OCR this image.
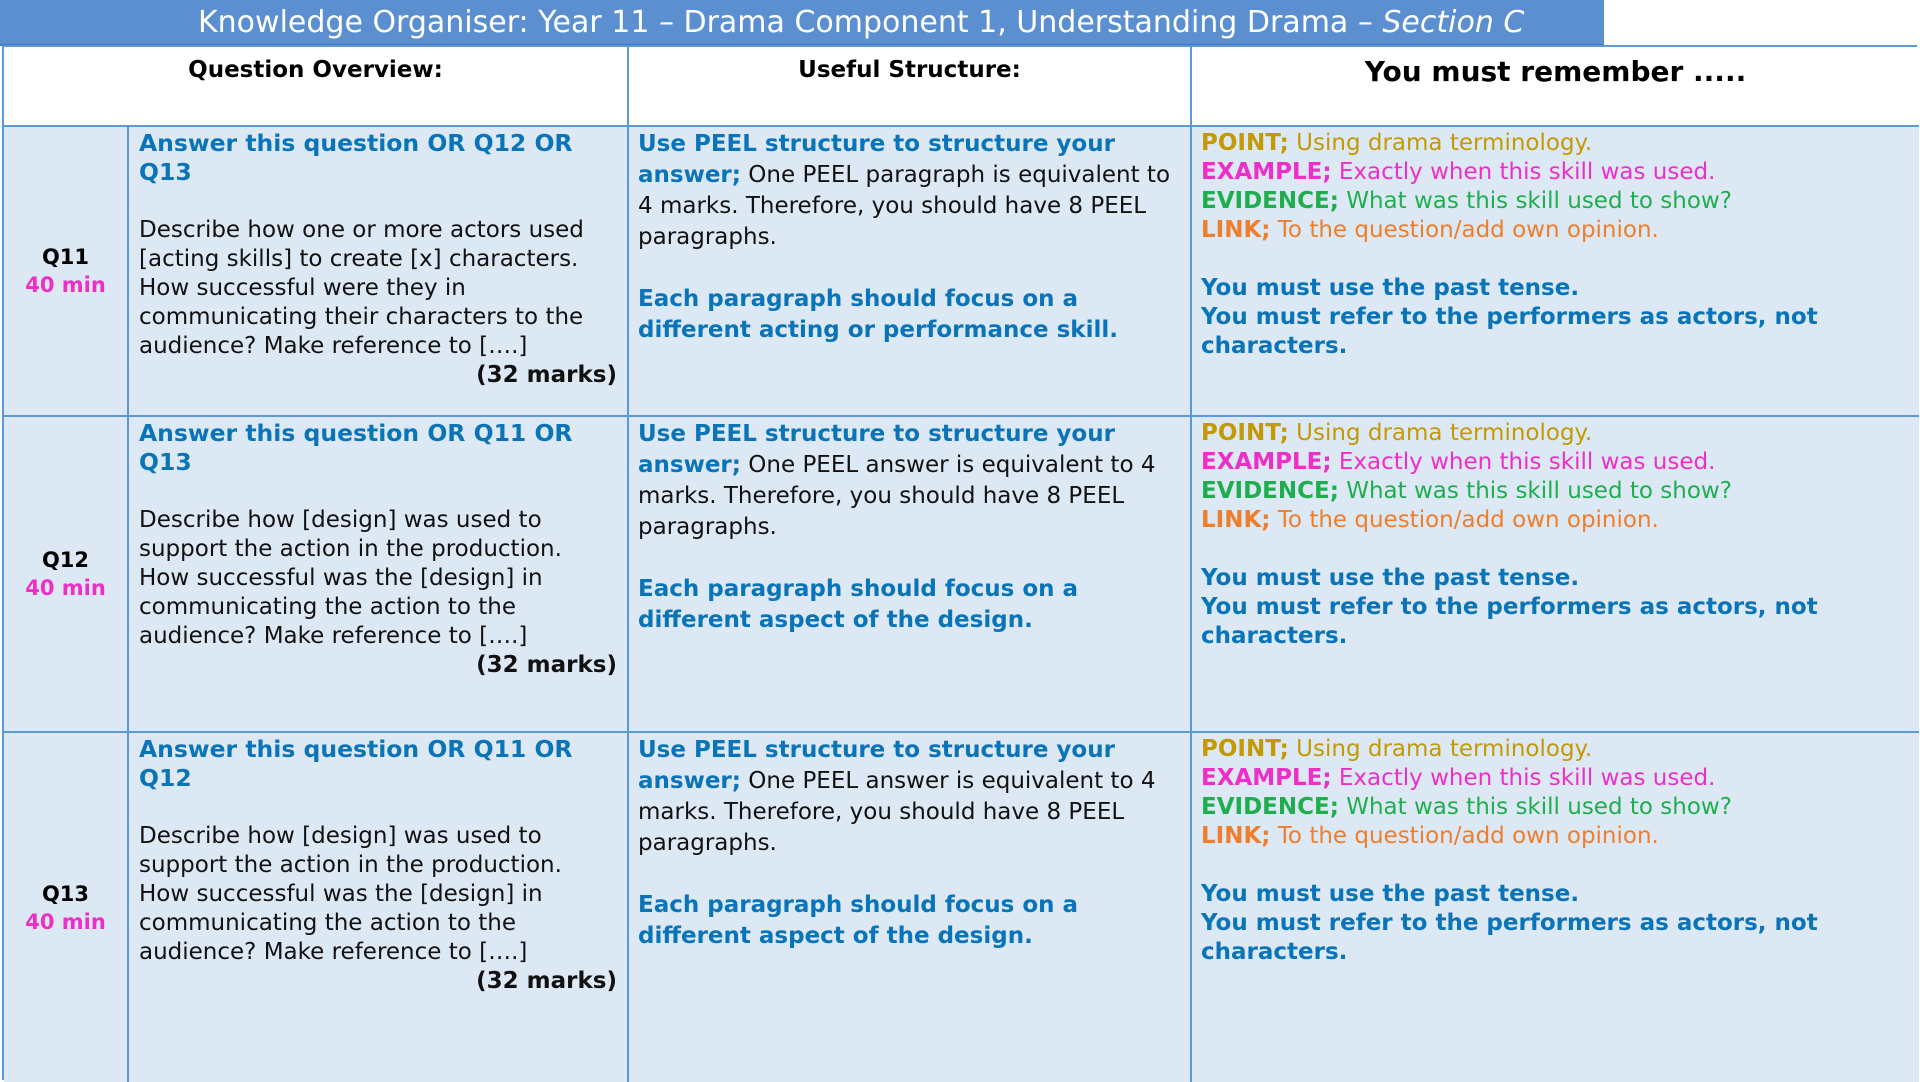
Knowledge Organiser: Year 11 – Drama Component 1, Understanding Drama – Section C
Question Overview:	Useful Structure:	You must remember .....
Q11
40 min
Answer this question OR Q12 OR Q13
Describe how one or more actors used [acting skills] to create [x] characters. How successful were they in communicating their characters to the audience? Make reference to [….]
(32 marks)

Use PEEL structure to structure your answer; One PEEL paragraph is equivalent to 4 marks. Therefore, you should have 8 PEEL paragraphs.

Each paragraph should focus on a different acting or performance skill.

POINT; Using drama terminology.

EXAMPLE; Exactly when this skill was used.

EVIDENCE; What was this skill used to show?

LINK; To the question/add own opinion.

You must use the past tense.

You must refer to the performers as actors, not characters.

Q12
40 min
Answer this question OR Q11 OR Q13
Describe how [design] was used to support the action in the production. How successful was the [design] in communicating the action to the audience? Make reference to [….]
(32 marks)

Use PEEL structure to structure your answer; One PEEL answer is equivalent to 4 marks. Therefore, you should have 8 PEEL paragraphs.

Each paragraph should focus on a different aspect of the design.

POINT; Using drama terminology.

EXAMPLE; Exactly when this skill was used.

EVIDENCE; What was this skill used to show?

LINK; To the question/add own opinion.

You must use the past tense.

You must refer to the performers as actors, not characters.

Q13
40 min
Answer this question OR Q11 OR Q12
Describe how [design] was used to support the action in the production. How successful was the [design] in communicating the action to the audience? Make reference to [….]
(32 marks)

Use PEEL structure to structure your answer; One PEEL answer is equivalent to 4 marks. Therefore, you should have 8 PEEL paragraphs.

Each paragraph should focus on a different aspect of the design.

POINT; Using drama terminology.

EXAMPLE; Exactly when this skill was used.

EVIDENCE; What was this skill used to show?

LINK; To the question/add own opinion.

You must use the past tense.

You must refer to the performers as actors, not characters.
